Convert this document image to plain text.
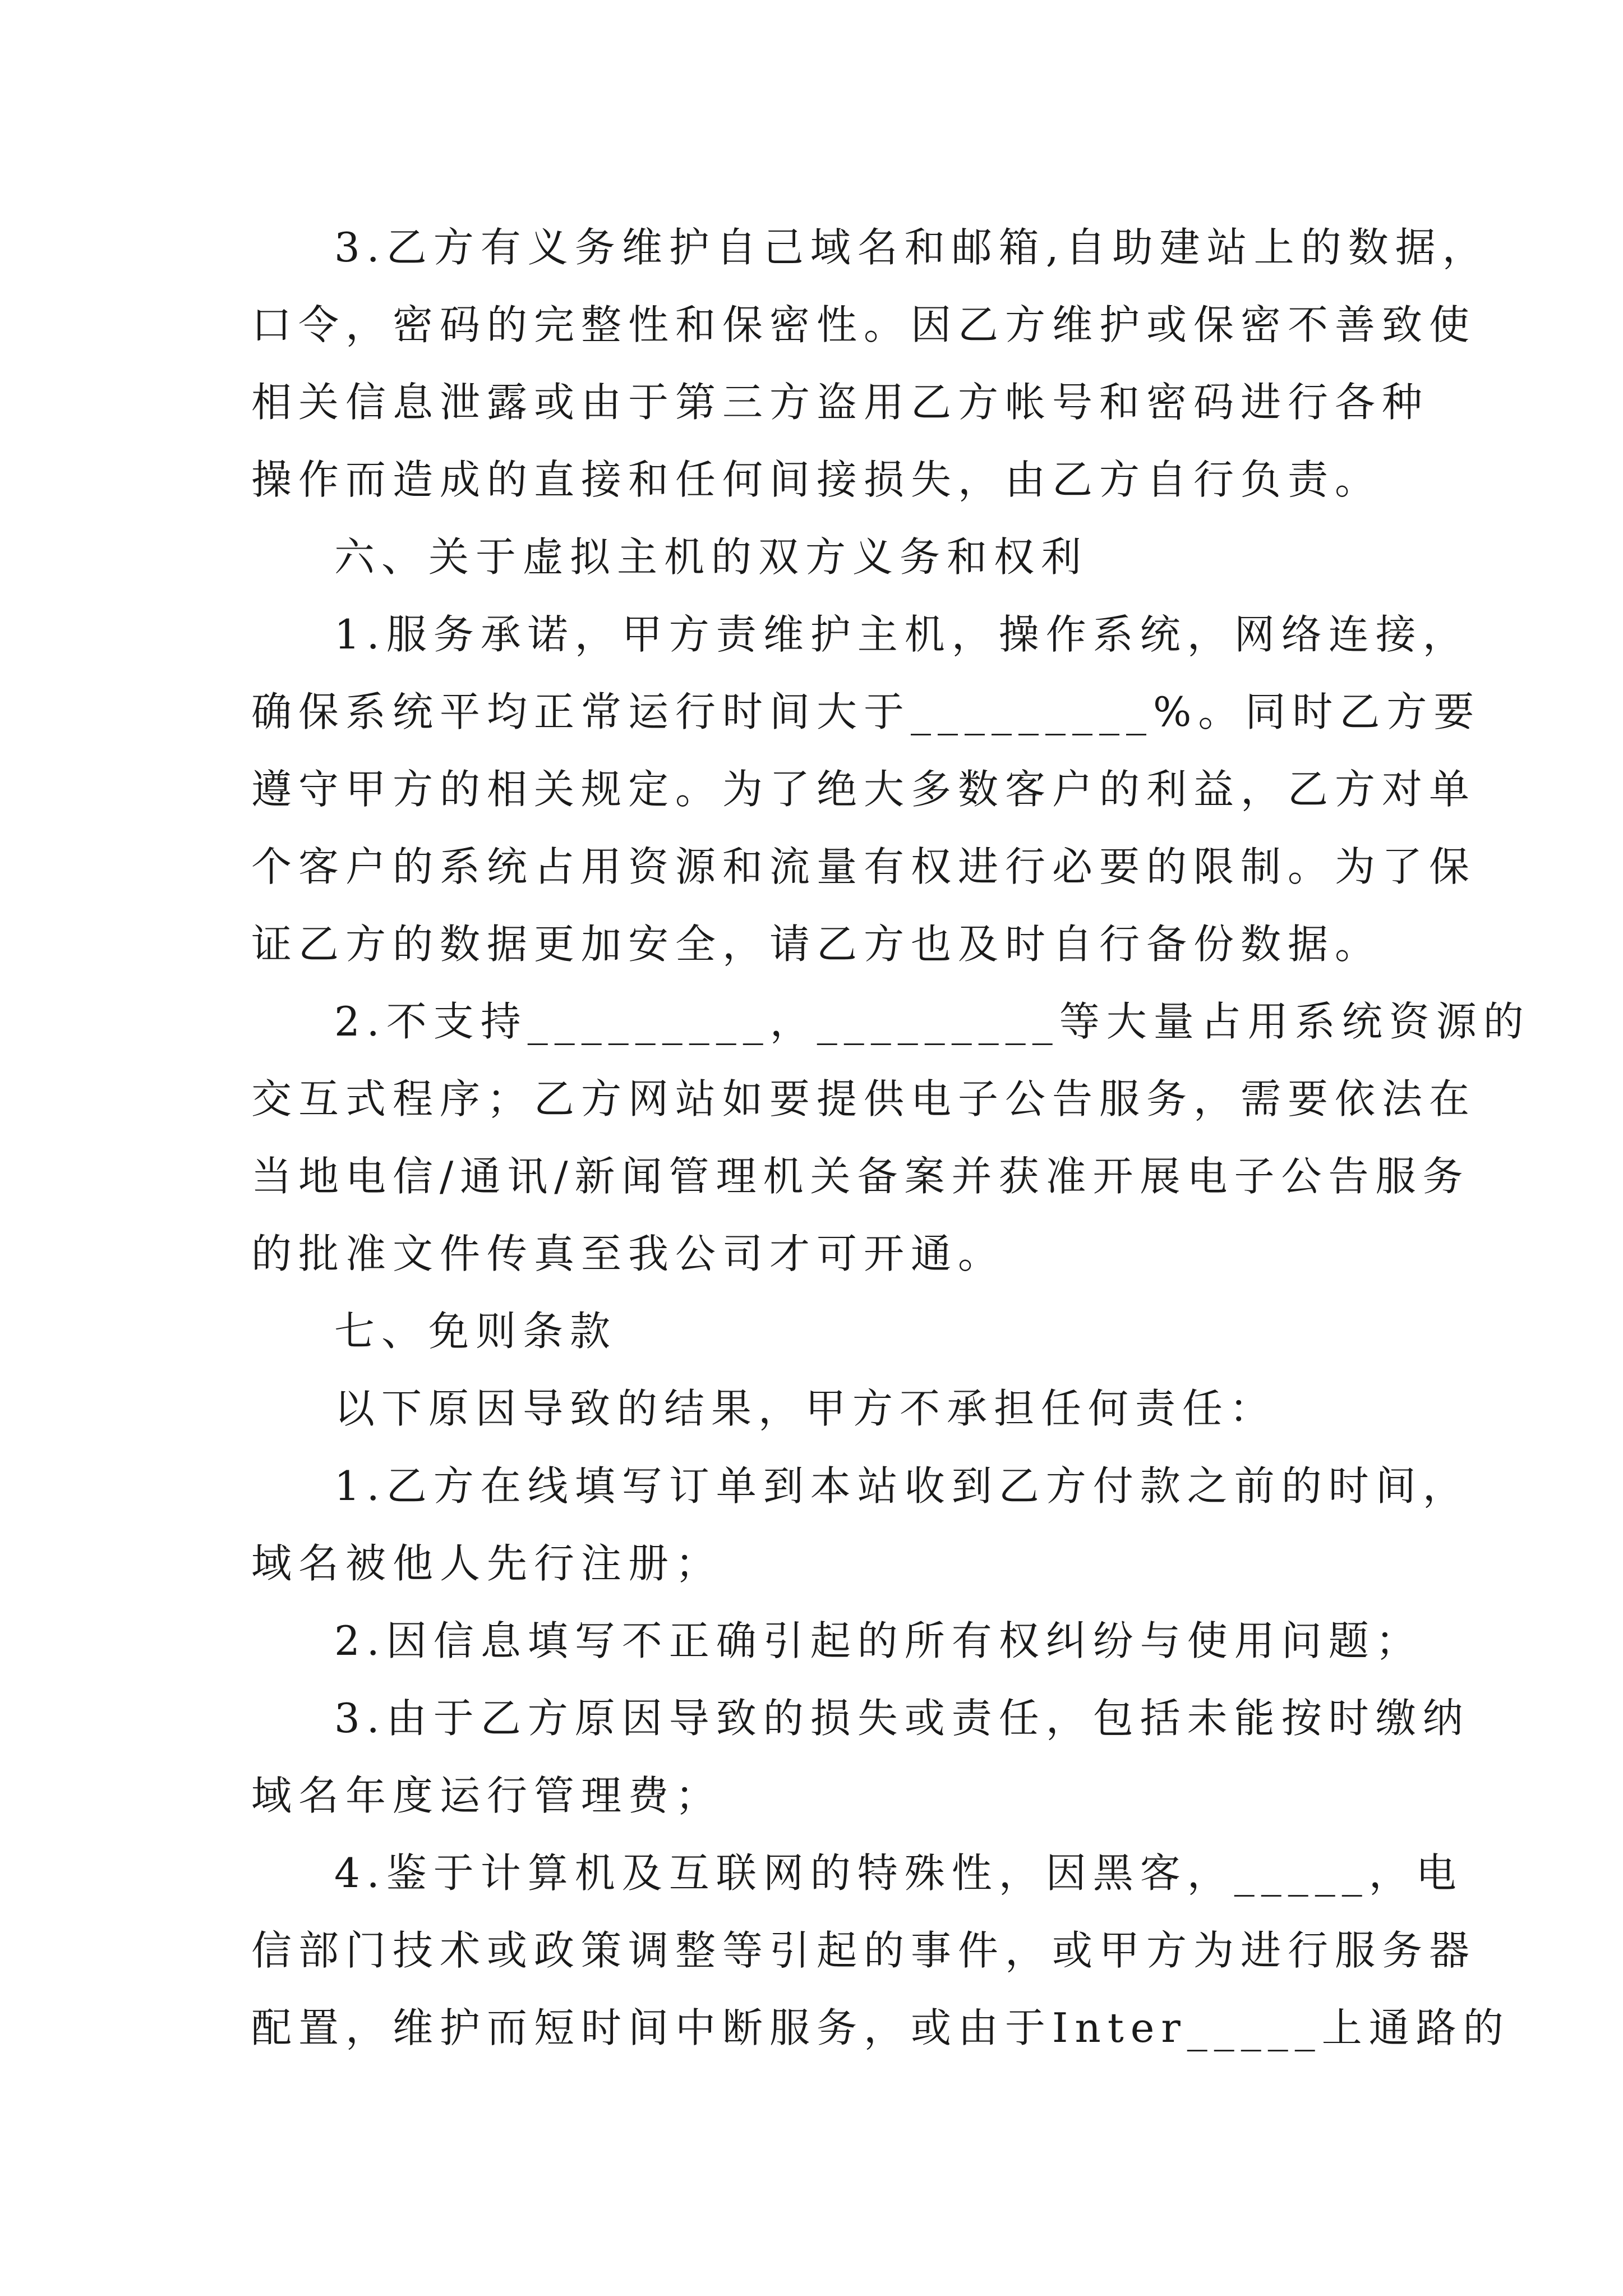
3.乙方有义务维护自己域名和邮箱,自助建站上的数据，
口令，密码的完整性和保密性。因乙方维护或保密不善致使
相关信息泄露或由于第三方盗用乙方帐号和密码进行各种
操作而造成的直接和任何间接损失，由乙方自行负责。
六、关于虚拟主机的双方义务和权利
1.服务承诺，甲方责维护主机，操作系统，网络连接，
确保系统平均正常运行时间大于_________%。同时乙方要
遵守甲方的相关规定。为了绝大多数客户的利益，乙方对单
个客户的系统占用资源和流量有权进行必要的限制。为了保
证乙方的数据更加安全，请乙方也及时自行备份数据。
2.不支持_________，_________等大量占用系统资源的
交互式程序；乙方网站如要提供电子公告服务，需要依法在
当地电信/通讯/新闻管理机关备案并获准开展电子公告服务
的批准文件传真至我公司才可开通。
七、免则条款
以下原因导致的结果，甲方不承担任何责任：
1.乙方在线填写订单到本站收到乙方付款之前的时间，
域名被他人先行注册；
2.因信息填写不正确引起的所有权纠纷与使用问题；
3.由于乙方原因导致的损失或责任，包括未能按时缴纳
域名年度运行管理费；
4.鉴于计算机及互联网的特殊性，因黑客，_____，电
信部门技术或政策调整等引起的事件，或甲方为进行服务器
配置，维护而短时间中断服务，或由于Inter_____上通路的
